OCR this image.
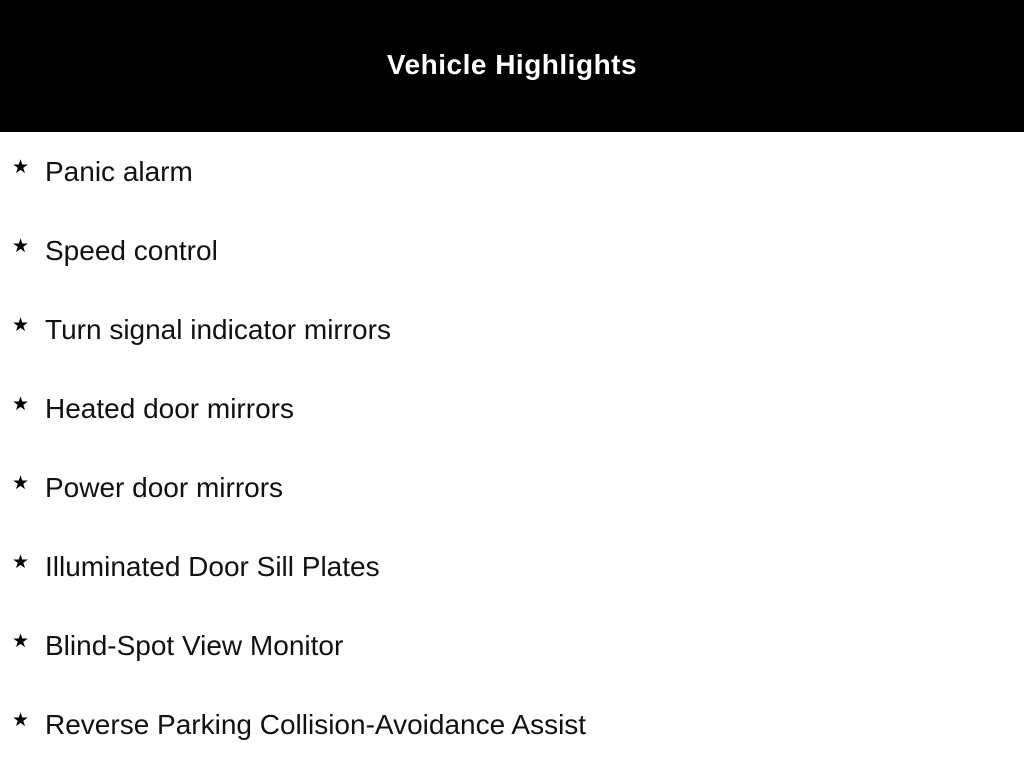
Vehicle Highlights
★ Panic alarm
★ Speed control
★ Turn signal indicator mirrors
★ Heated door mirrors
★ Power door mirrors
★ Illuminated Door Sill Plates
★ Blind-Spot View Monitor
★ Reverse Parking Collision-Avoidance Assist
